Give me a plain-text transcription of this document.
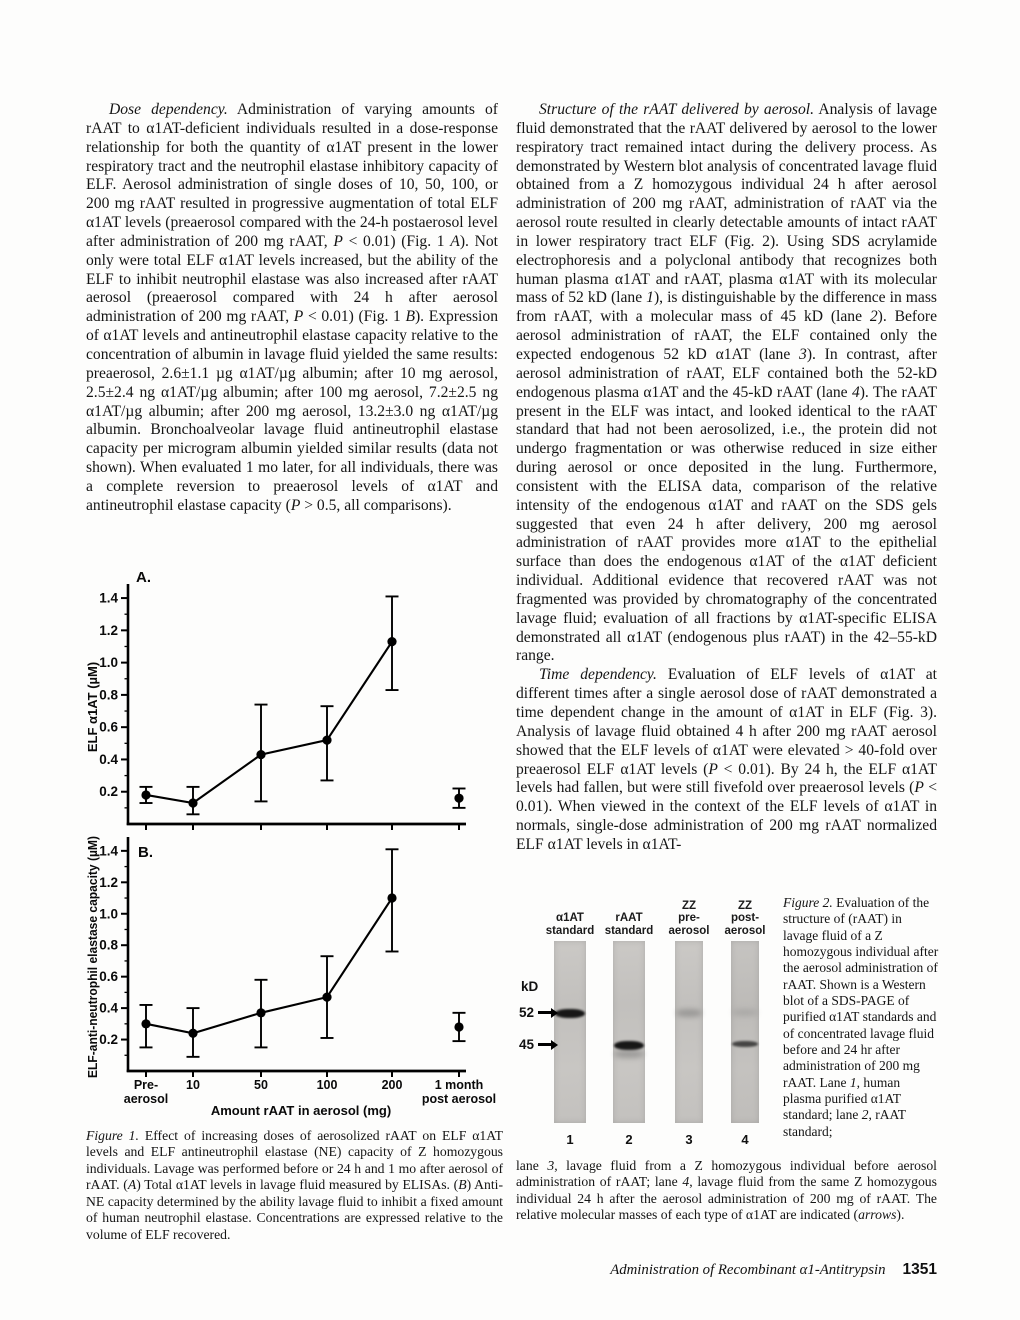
Dose dependency. Administration of varying amounts of rAAT to α1AT-deficient individuals resulted in a dose-response relationship for both the quantity of α1AT present in the lower respiratory tract and the neutrophil elastase inhibitory capacity of ELF. Aerosol administration of single doses of 10, 50, 100, or 200 mg rAAT resulted in progressive augmentation of total ELF α1AT levels (preaerosol compared with the 24-h postaerosol level after administration of 200 mg rAAT, P < 0.01) (Fig. 1 A). Not only were total ELF α1AT levels increased, but the ability of the ELF to inhibit neutrophil elastase was also increased after rAAT aerosol (preaerosol compared with 24 h after aerosol administration of 200 mg rAAT, P < 0.01) (Fig. 1 B). Expression of α1AT levels and antineutrophil elastase capacity relative to the concentration of albumin in lavage fluid yielded the same results: preaerosol, 2.6±1.1 µg α1AT/µg albumin; after 10 mg aerosol, 2.5±2.4 ng α1AT/µg albumin; after 100 mg aerosol, 7.2±2.5 ng α1AT/µg albumin; after 200 mg aerosol, 13.2±3.0 ng α1AT/µg albumin. Bronchoalveolar lavage fluid antineutrophil elastase capacity per microgram albumin yielded similar results (data not shown). When evaluated 1 mo later, for all individuals, there was a complete reversion to preaerosol levels of α1AT and antineutrophil elastase capacity (P > 0.5, all comparisons).

Structure of the rAAT delivered by aerosol. Analysis of lavage fluid demonstrated that the rAAT delivered by aerosol to the lower respiratory tract remained intact during the delivery process. As demonstrated by Western blot analysis of concentrated lavage fluid obtained from a Z homozygous individual 24 h after aerosol administration of 200 mg rAAT, administration of rAAT via the aerosol route resulted in clearly detectable amounts of intact rAAT in lower respiratory tract ELF (Fig. 2). Using SDS acrylamide electrophoresis and a polyclonal antibody that recognizes both human plasma α1AT and rAAT, plasma α1AT with its molecular mass of 52 kD (lane 1), is distinguishable by the difference in mass from rAAT, with a molecular mass of 45 kD (lane 2). Before aerosol administration of rAAT, the ELF contained only the expected endogenous 52 kD α1AT (lane 3). In contrast, after aerosol administration of rAAT, ELF contained both the 52-kD endogenous plasma α1AT and the 45-kD rAAT (lane 4). The rAAT present in the ELF was intact, and looked identical to the rAAT standard that had not been aerosolized, i.e., the protein did not undergo fragmentation or was otherwise reduced in size either during aerosol or once deposited in the lung. Furthermore, consistent with the ELISA data, comparison of the relative intensity of the endogenous α1AT and rAAT on the SDS gels suggested that even 24 h after delivery, 200 mg aerosol administration of rAAT provides more α1AT to the epithelial surface than does the endogenous α1AT of the α1AT deficient individual. Additional evidence that recovered rAAT was not fragmented was provided by chromatography of the concentrated lavage fluid; evaluation of all fractions by α1AT-specific ELISA demonstrated all α1AT (endogenous plus rAAT) in the 42–55-kD range.

Time dependency. Evaluation of ELF levels of α1AT at different times after a single aerosol dose of rAAT demonstrated a time dependent change in the amount of α1AT in ELF (Fig. 3). Analysis of lavage fluid obtained 4 h after 200 mg rAAT aerosol showed that the ELF levels of α1AT were elevated > 40-fold over preaerosol ELF α1AT levels (P < 0.01). By 24 h, the ELF α1AT levels had fallen, but were still fivefold over preaerosol levels (P < 0.01). When viewed in the context of the ELF levels of α1AT in normals, single-dose administration of 200 mg rAAT normalized ELF α1AT levels in α1AT-

0.2
0.4
0.6
0.8
1.0
1.2
1.4
A.
ELF α1AT (µM)
0.2
0.4
0.6
0.8
1.0
1.2
1.4 B.
ELF-anti-neutrophil elastase capacity (µM)
Pre-
aerosol
10	50	100	200	1 month
post aerosol
Amount rAAT in aerosol (mg)
Figure 1. Effect of increasing doses of aerosolized rAAT on ELF α1AT levels and ELF antineutrophil elastase (NE) capacity of Z homozygous individuals. Lavage was performed before or 24 h and 1 mo after aerosol of rAAT. (A) Total α1AT levels in lavage fluid measured by ELISAs. (B) Anti-NE capacity determined by the ability lavage fluid to inhibit a fixed amount of human neutrophil elastase. Concentrations are expressed relative to the volume of ELF recovered.
α1AT
standard
1
rAAT
standard
2
ZZ
pre-
aerosol
3
ZZ
post-
aerosol
4
kD
52
45
Figure 2. Evaluation of the structure of (rAAT) in lavage fluid of a Z homozygous individual after the aerosol administration of rAAT. Shown is a Western blot of a SDS-PAGE of purified α1AT standards and of concentrated lavage fluid before and 24 hr after administration of 200 mg rAAT. Lane 1, human plasma purified α1AT standard; lane 2, rAAT standard;
lane 3, lavage fluid from a Z homozygous individual before aerosol administration of rAAT; lane 4, lavage fluid from the same Z homozygous individual 24 h after the aerosol administration of 200 mg of rAAT. The relative molecular masses of each type of α1AT are indicated (arrows).
Administration of Recombinant α1-Antitrypsin 1351
